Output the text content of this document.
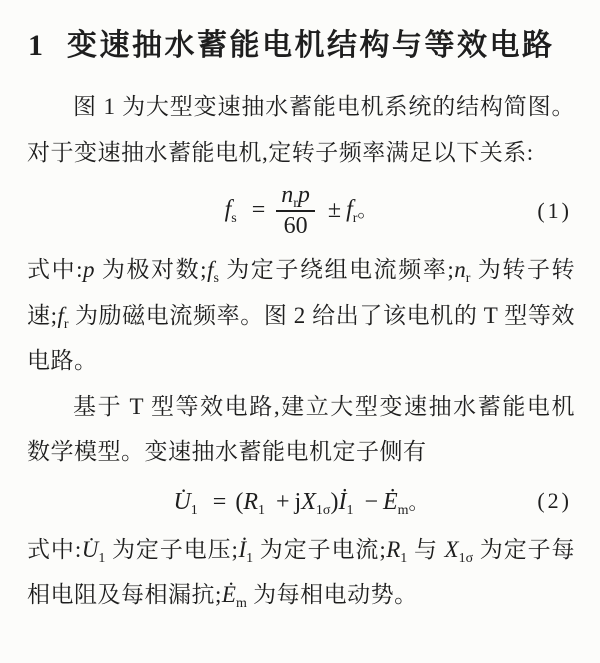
1 变速抽水蓄能电机结构与等效电路

图 1 为大型变速抽水蓄能电机系统的结构简图。对于变速抽水蓄能电机,定转子频率满足以下关系:

$f_s = \frac{n_rp}{60} \pm f_r$。	(1)

式中:p 为极对数$;f_s$ 为定子绕组电流频率$;n_r$ 为转子转速$;f_r$ 为励磁电流频率。图 2 给出了该电机的 T 型等效电路。

基于 T 型等效电路,建立大型变速抽水蓄能电机数学模型。变速抽水蓄能电机定子侧有

$U̇_1 = (R_1$ + $jX_{1\sigma})İ_1$ − $Ė_m$。	(2)

式中$:U̇_1$ 为定子电压$;İ_1$ 为定子电流$;R_1$ 与 $X_{1\sigma}$ 为定子每相电阻及每相漏抗$;Ė_m$ 为每相电动势。
